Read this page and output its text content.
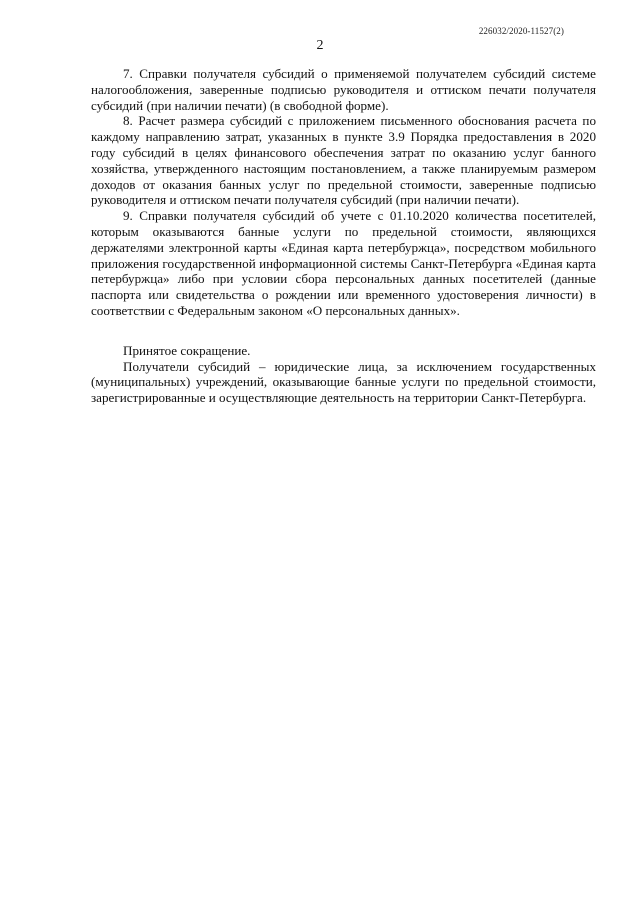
226032/2020-11527(2)
2

7. Справки получателя субсидий о применяемой получателем субсидий системе налогообложения, заверенные подписью руководителя и оттиском печати получателя субсидий (при наличии печати) (в свободной форме).

8. Расчет размера субсидий с приложением письменного обоснования расчета по каждому направлению затрат, указанных в пункте 3.9 Порядка предоставления в 2020 году субсидий в целях финансового обеспечения затрат по оказанию услуг банного хозяйства, утвержденного настоящим постановлением, а также планируемым размером доходов от оказания банных услуг по предельной стоимости, заверенные подписью руководителя и оттиском печати получателя субсидий (при наличии печати).

9. Справки получателя субсидий об учете с 01.10.2020 количества посетителей, которым оказываются банные услуги по предельной стоимости, являющихся держателями электронной карты «Единая карта петербуржца», посредством мобильного приложения государственной информационной системы Санкт-Петербурга «Единая карта петербуржца» либо при условии сбора персональных данных посетителей (данные паспорта или свидетельства о рождении или временного удостоверения личности) в соответствии с Федеральным законом «О персональных данных».

Принятое сокращение.

Получатели субсидий – юридические лица, за исключением государственных (муниципальных) учреждений, оказывающие банные услуги по предельной стоимости, зарегистрированные и осуществляющие деятельность на территории Санкт-Петербурга.
